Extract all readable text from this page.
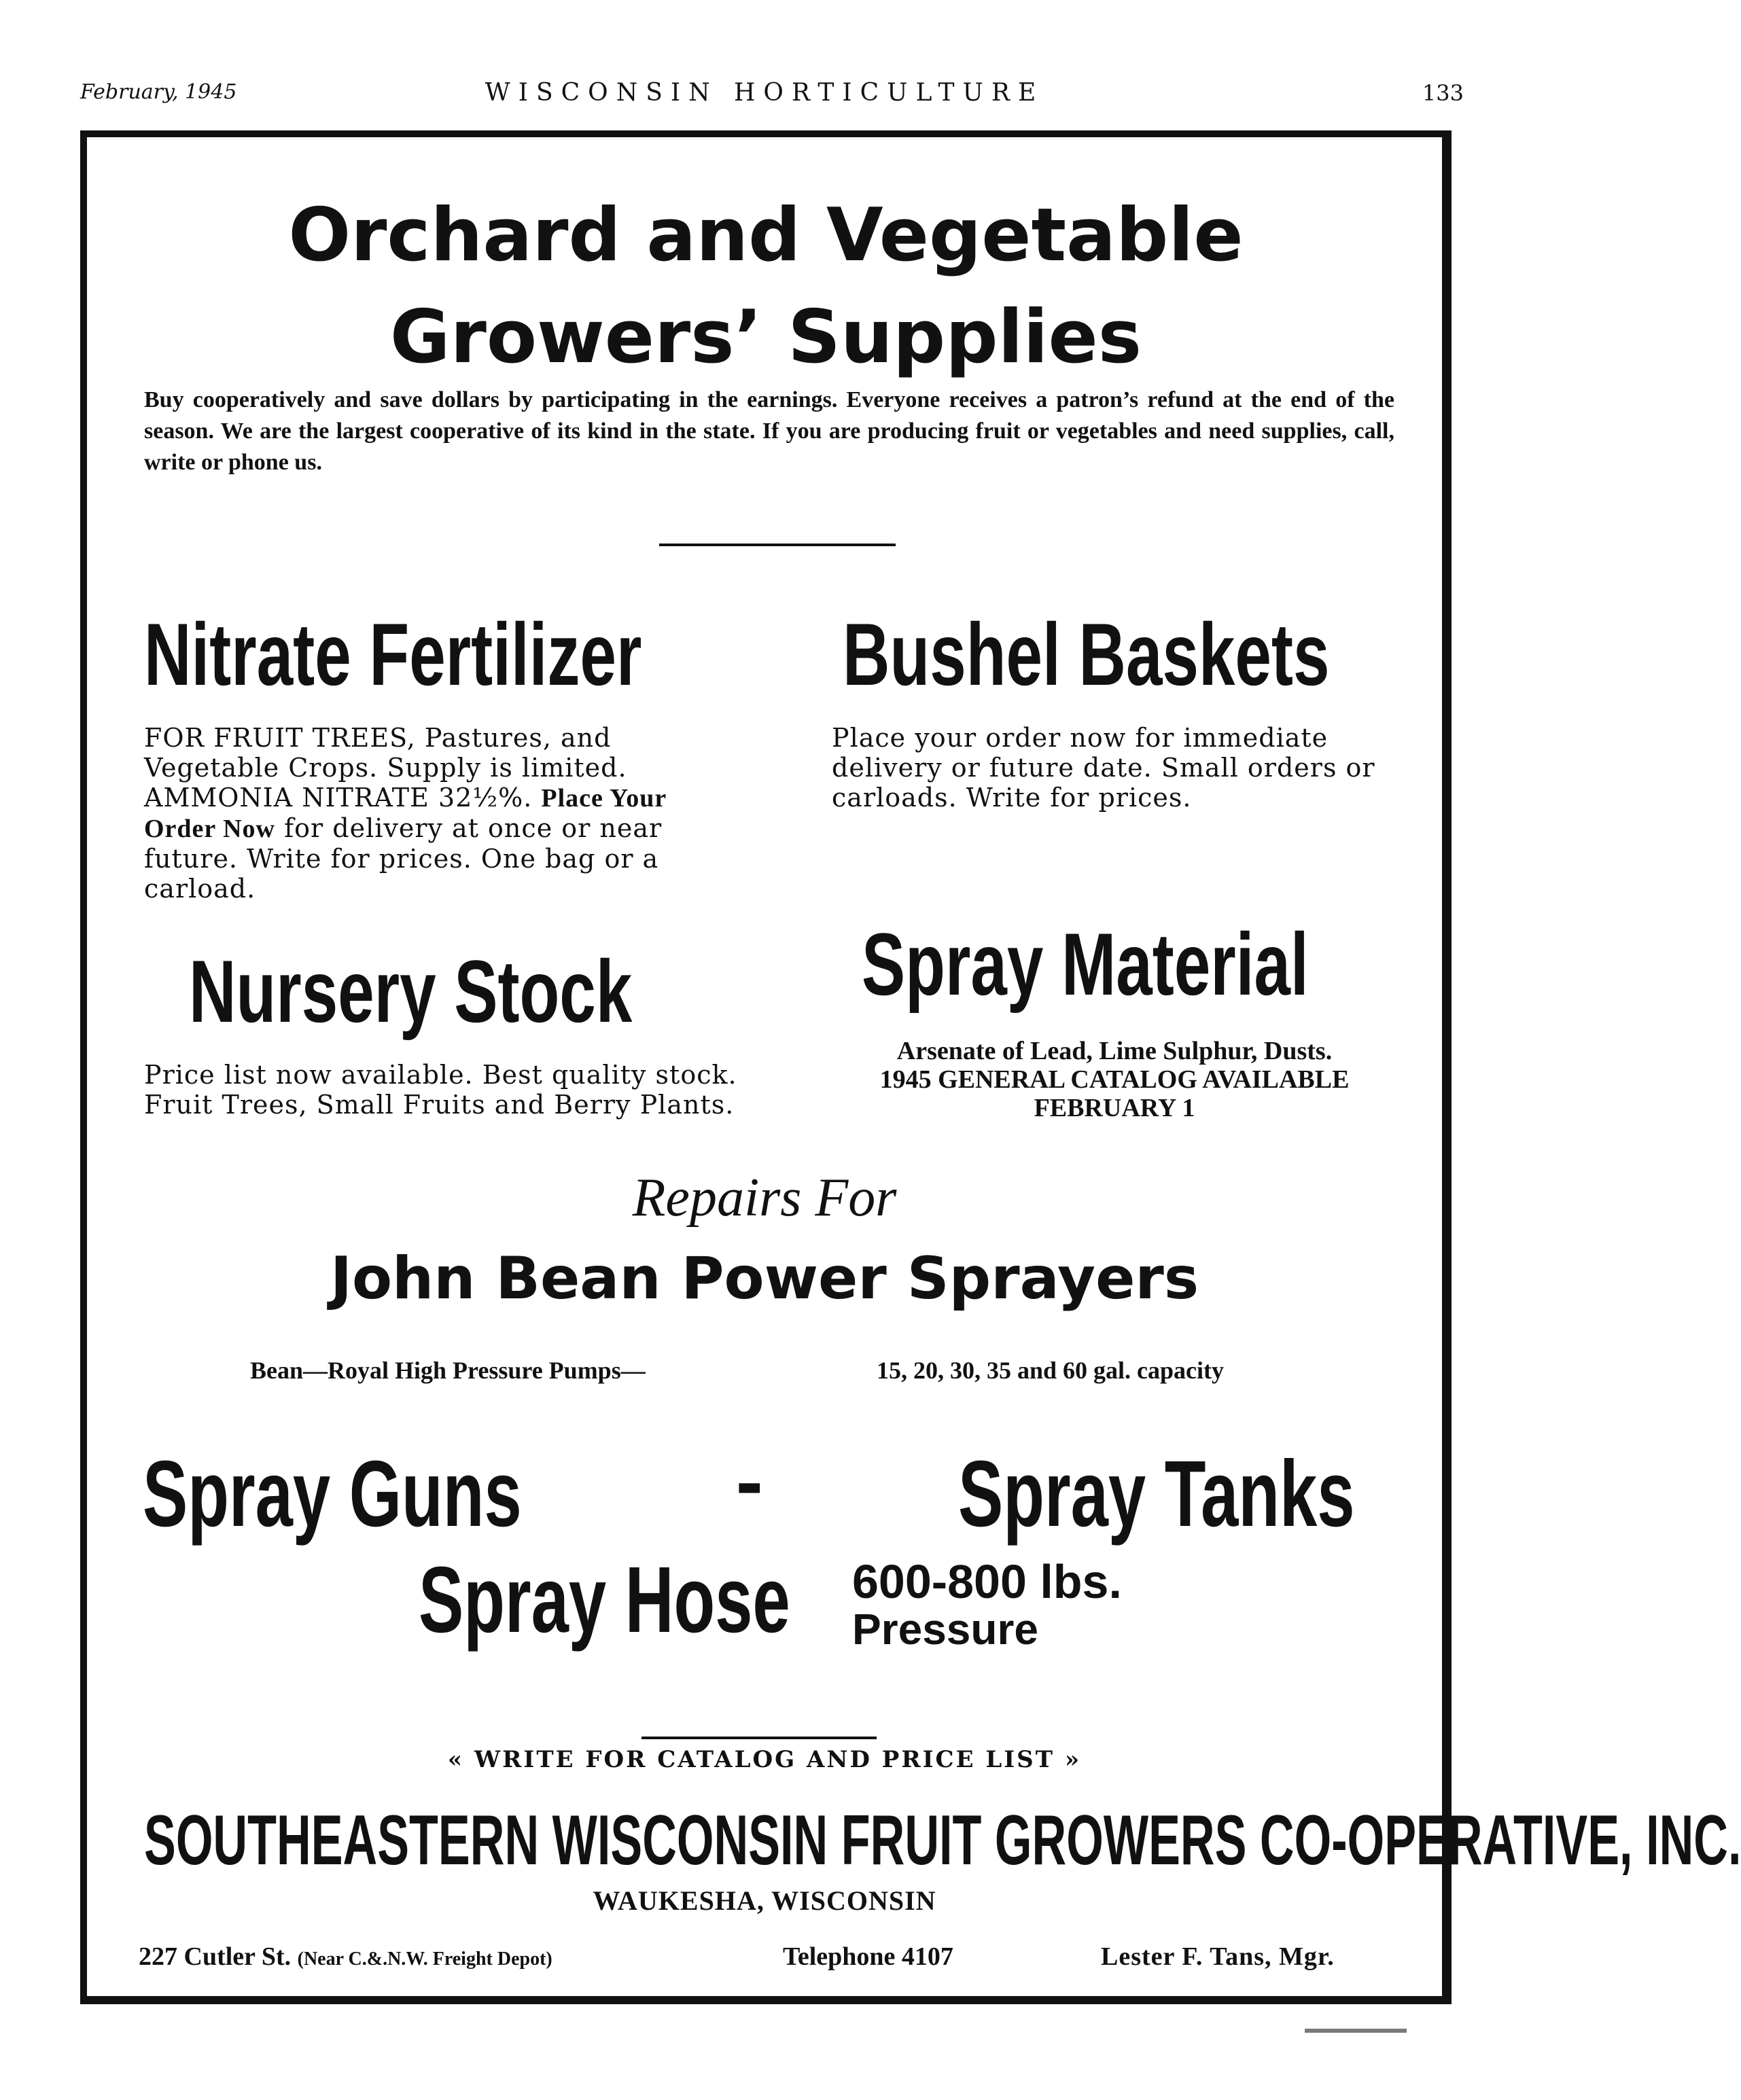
February, 1945	WISCONSIN HORTICULTURE	133
Orchard and Vegetable
Growers’ Supplies
Buy cooperatively and save dollars by participating in the earnings. Everyone receives a patron’s refund at the end of the season. We are the largest cooperative of its kind in the state. If you are producing fruit or vegetables and need supplies, call, write or phone us.
Nitrate Fertilizer Bushel Baskets
FOR FRUIT TREES, Pastures, and Vegetable Crops. Supply is limited. AMMONIA NITRATE 32½%. Place Your Order Now for delivery at once or near future. Write for prices. One bag or a carload.
Place your order now for immediate delivery or future date. Small orders or carloads. Write for prices.
Nursery Stock	Spray Material
Price list now available. Best quality stock.
Fruit Trees, Small Fruits and Berry Plants.
Arsenate of Lead, Lime Sulphur, Dusts.
1945 GENERAL CATALOG AVAILABLE
FEBRUARY 1
Repairs For
John Bean Power Sprayers
Bean—Royal High Pressure Pumps—	15, 20, 30, 35 and 60 gal. capacity
Spray Guns	- Spray Tanks
Spray Hose 600-800 lbs.
Pressure
« WRITE FOR CATALOG AND PRICE LIST »
SOUTHEASTERN WISCONSIN FRUIT GROWERS CO-OPERATIVE, INC.
WAUKESHA, WISCONSIN
227 Cutler St. (Near C.&.N.W. Freight Depot)	Telephone 4107	Lester F. Tans, Mgr.
